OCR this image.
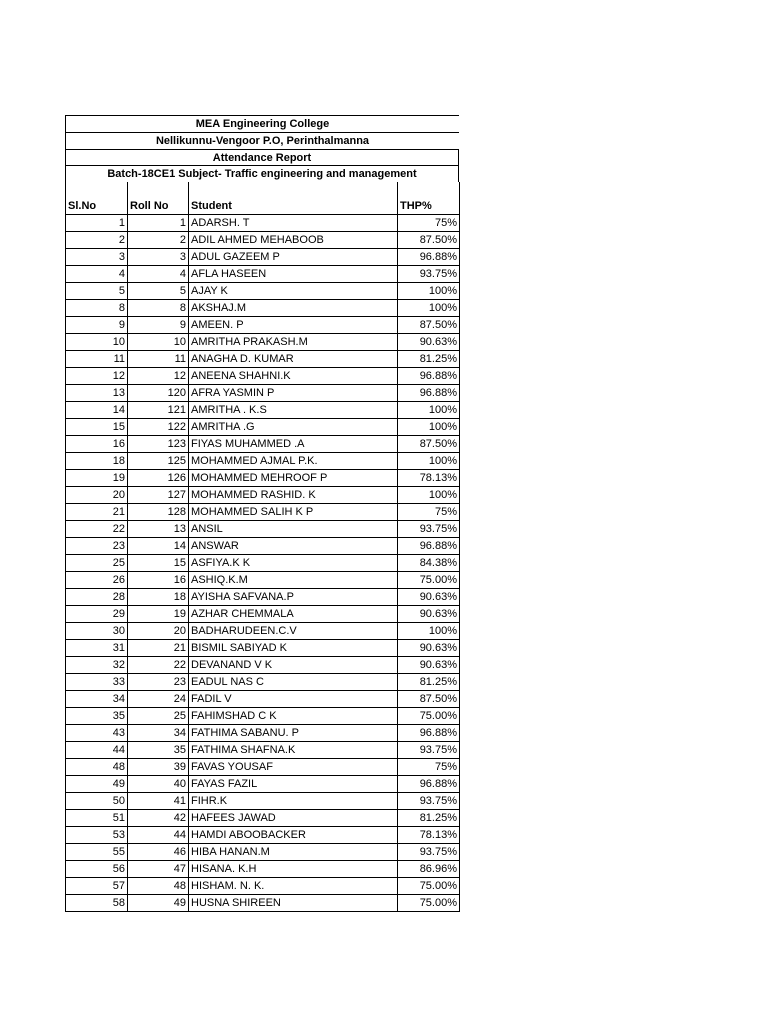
MEA Engineering College
Nellikunnu-Vengoor P.O, Perinthalmanna
Attendance Report
Batch-18CE1 Subject- Traffic engineering and management

Sl.No	Roll No	Student	THP%
1	1	ADARSH. T	75%
2	2	ADIL AHMED MEHABOOB	87.50%
3	3	ADUL GAZEEM P	96.88%
4	4	AFLA HASEEN	93.75%
5	5	AJAY K	100%
8	8	AKSHAJ.M	100%
9	9	AMEEN. P	87.50%
10	10	AMRITHA PRAKASH.M	90.63%
11	11	ANAGHA D. KUMAR	81.25%
12	12	ANEENA SHAHNI.K	96.88%
13	120	AFRA YASMIN P	96.88%
14	121	AMRITHA . K.S	100%
15	122	AMRITHA .G	100%
16	123	FIYAS MUHAMMED .A	87.50%
18	125	MOHAMMED AJMAL P.K.	100%
19	126	MOHAMMED MEHROOF P	78.13%
20	127	MOHAMMED RASHID. K	100%
21	128	MOHAMMED SALIH K P	75%
22	13	ANSIL	93.75%
23	14	ANSWAR	96.88%
25	15	ASFIYA.K K	84.38%
26	16	ASHIQ.K.M	75.00%
28	18	AYISHA SAFVANA.P	90.63%
29	19	AZHAR CHEMMALA	90.63%
30	20	BADHARUDEEN.C.V	100%
31	21	BISMIL SABIYAD K	90.63%
32	22	DEVANAND V K	90.63%
33	23	EADUL NAS C	81.25%
34	24	FADIL V	87.50%
35	25	FAHIMSHAD C K	75.00%
43	34	FATHIMA SABANU. P	96.88%
44	35	FATHIMA SHAFNA.K	93.75%
48	39	FAVAS YOUSAF	75%
49	40	FAYAS FAZIL	96.88%
50	41	FIHR.K	93.75%
51	42	HAFEES JAWAD	81.25%
53	44	HAMDI ABOOBACKER	78.13%
55	46	HIBA HANAN.M	93.75%
56	47	HISANA. K.H	86.96%
57	48	HISHAM. N. K.	75.00%
58	49	HUSNA SHIREEN	75.00%
